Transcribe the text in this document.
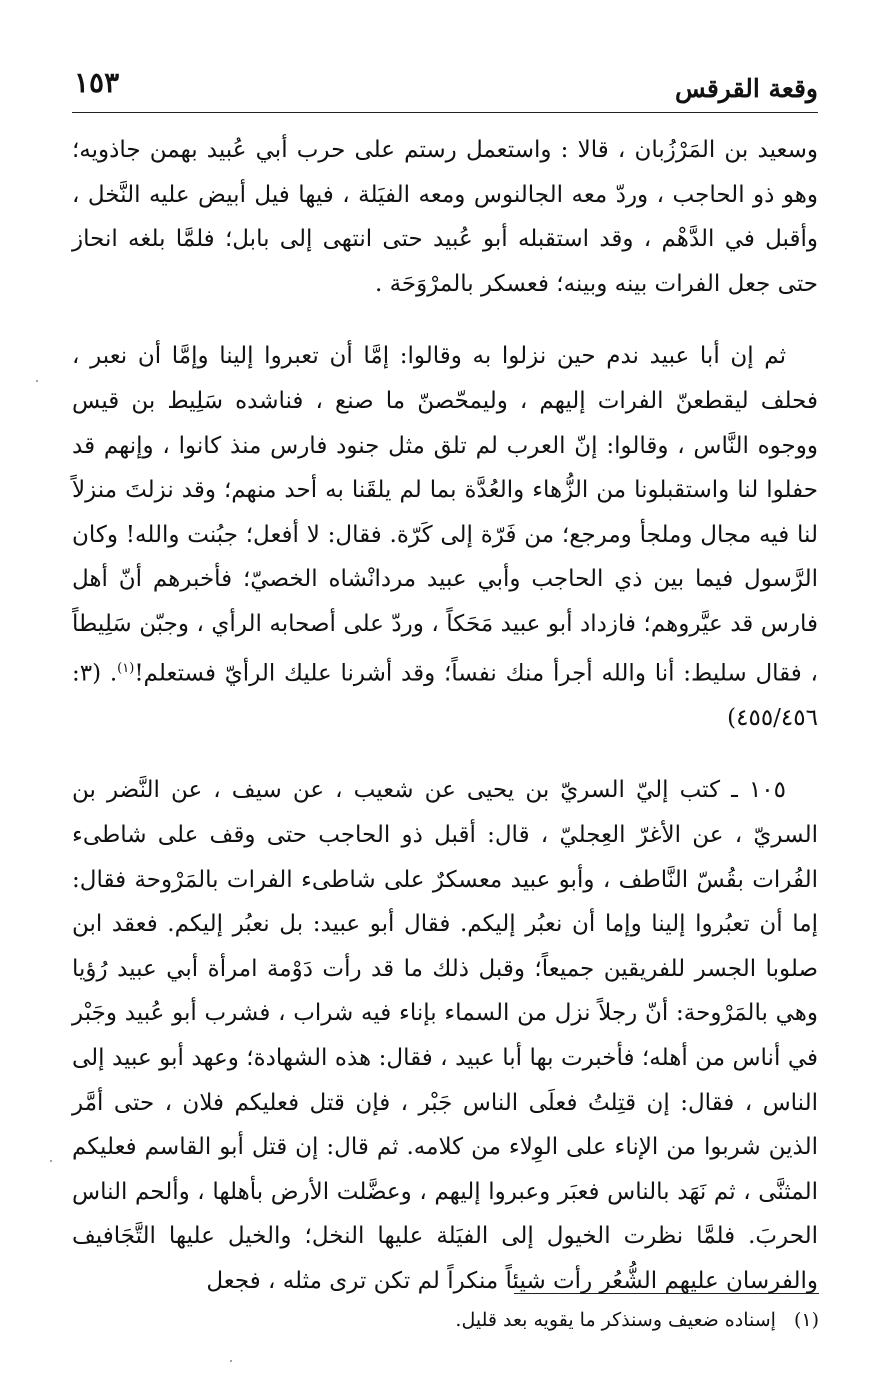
وقعة القرقس
١٥٣

وسعيد بن المَرْزُبان ، قالا : واستعمل رستم على حرب أبي عُبيد بهمن جاذويه؛ وهو ذو الحاجب ، وردّ معه الجالنوس ومعه الفيَلة ، فيها فيل أبيض عليه النَّخل ، وأقبل في الدَّهْم ، وقد استقبله أبو عُبيد حتى انتهى إلى بابل؛ فلمَّا بلغه انحاز حتى جعل الفرات بينه وبينه؛ فعسكر بالمرْوَحَة .

ثم إن أبا عبيد ندم حين نزلوا به وقالوا: إمَّا أن تعبروا إلينا وإمَّا أن نعبر ، فحلف ليقطعنّ الفرات إليهم ، وليمحّصنّ ما صنع ، فناشده سَلِيط بن قيس ووجوه النَّاس ، وقالوا: إنّ العرب لم تلق مثل جنود فارس منذ كانوا ، وإنهم قد حفلوا لنا واستقبلونا من الزُّهاء والعُدَّة بما لم يلقَنا به أحد منهم؛ وقد نزلتَ منزلاً لنا فيه مجال وملجأ ومرجع؛ من فَرّة إلى كَرّة. فقال: لا أفعل؛ جبُنت والله! وكان الرَّسول فيما بين ذي الحاجب وأبي عبيد مردانْشاه الخصيّ؛ فأخبرهم أنّ أهل فارس قد عيَّروهم؛ فازداد أبو عبيد مَحَكاً ، وردّ على أصحابه الرأي ، وجبّن سَلِيطاً ، فقال سليط: أنا والله أجرأ منك نفساً؛ وقد أشرنا عليك الرأيّ فستعلم!$^{(١)}$. (٣: ٤٥٥/٤٥٦)

١٠٥ ـ كتب إليّ السريّ بن يحيى عن شعيب ، عن سيف ، عن النَّضر بن السريّ ، عن الأغرّ العِجليّ ، قال: أقبل ذو الحاجب حتى وقف على شاطىء الفُرات بقُسّ النَّاطف ، وأبو عبيد معسكرٌ على شاطىء الفرات بالمَرْوحة فقال: إما أن تعبُروا إلينا وإما أن نعبُر إليكم. فقال أبو عبيد: بل نعبُر إليكم. فعقد ابن صلوبا الجسر للفريقين جميعاً؛ وقبل ذلك ما قد رأت دَوْمة امرأة أبي عبيد رُؤيا وهي بالمَرْوحة: أنّ رجلاً نزل من السماء بإناء فيه شراب ، فشرب أبو عُبيد وجَبْر في أناس من أهله؛ فأخبرت بها أبا عبيد ، فقال: هذه الشهادة؛ وعهد أبو عبيد إلى الناس ، فقال: إن قتِلتُ فعلَى الناس جَبْر ، فإن قتل فعليكم فلان ، حتى أمَّر الذين شربوا من الإناء على الوِلاء من كلامه. ثم قال: إن قتل أبو القاسم فعليكم المثنَّى ، ثم نَهَد بالناس فعبَر وعبروا إليهم ، وعضَّلت الأرض بأهلها ، وألحم الناس الحربَ. فلمَّا نظرت الخيول إلى الفيَلة عليها النخل؛ والخيل عليها التَّجَافيف والفرسان عليهم الشُّعُر رأت شيئاً منكراً لم تكن ترى مثله ، فجعل

(١)إسناده ضعيف وسنذكر ما يقويه بعد قليل.
